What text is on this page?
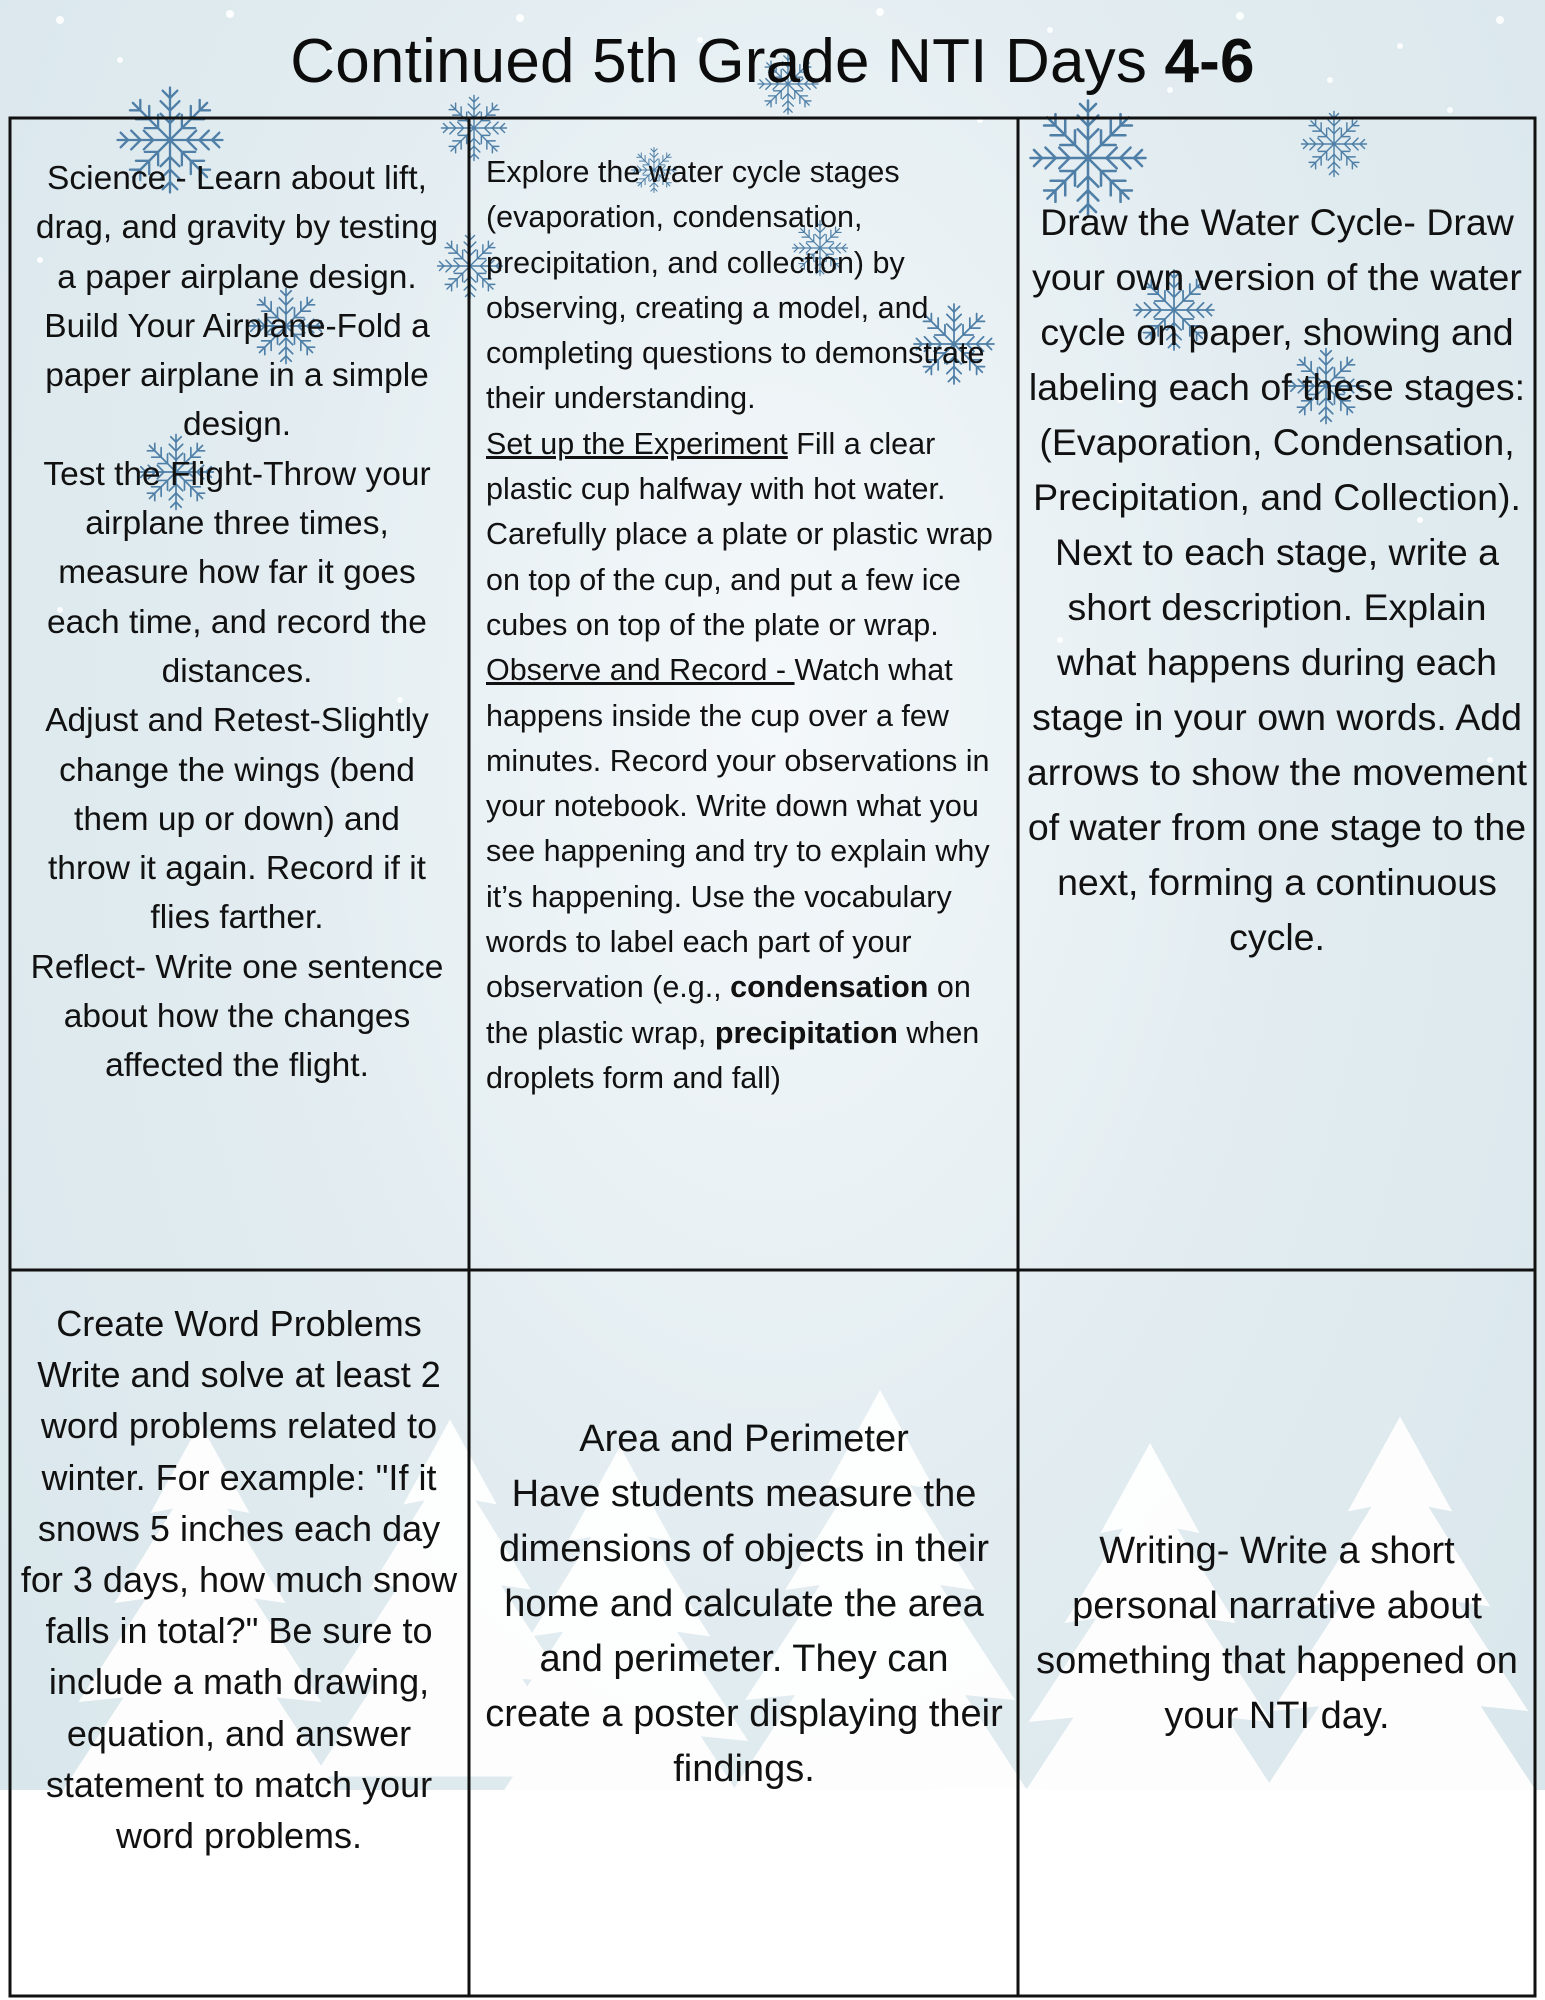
Continued 5th Grade NTI Days 4-6
Science - Learn about lift, drag, and gravity by testing a paper airplane design.
Build Your Airplane-Fold a paper airplane in a simple design.
Test the Flight-Throw your airplane three times, measure how far it goes each time, and record the distances.
Adjust and Retest-Slightly change the wings (bend them up or down) and throw it again. Record if it flies farther.
Reflect- Write one sentence about how the changes affected the flight.
Explore the water cycle stages (evaporation, condensation, precipitation, and collection) by observing, creating a model, and completing questions to demonstrate their understanding.
Set up the Experiment Fill a clear plastic cup halfway with hot water. Carefully place a plate or plastic wrap on top of the cup, and put a few ice cubes on top of the plate or wrap.
Observe and Record - Watch what happens inside the cup over a few minutes. Record your observations in your notebook. Write down what you see happening and try to explain why it’s happening. Use the vocabulary words to label each part of your observation (e.g., condensation on the plastic wrap, precipitation when droplets form and fall)
Draw the Water Cycle- Draw your own version of the water cycle on paper, showing and labeling each of these stages: (Evaporation, Condensation, Precipitation, and Collection). Next to each stage, write a short description. Explain what happens during each stage in your own words. Add arrows to show the movement of water from one stage to the next, forming a continuous cycle.
Create Word Problems Write and solve at least 2 word problems related to winter. For example: "If it snows 5 inches each day for 3 days, how much snow falls in total?" Be sure to include a math drawing, equation, and answer statement to match your word problems.
Area and Perimeter
Have students measure the dimensions of objects in their home and calculate the area and perimeter. They can create a poster displaying their findings.
Writing- Write a short personal narrative about something that happened on your NTI day.
